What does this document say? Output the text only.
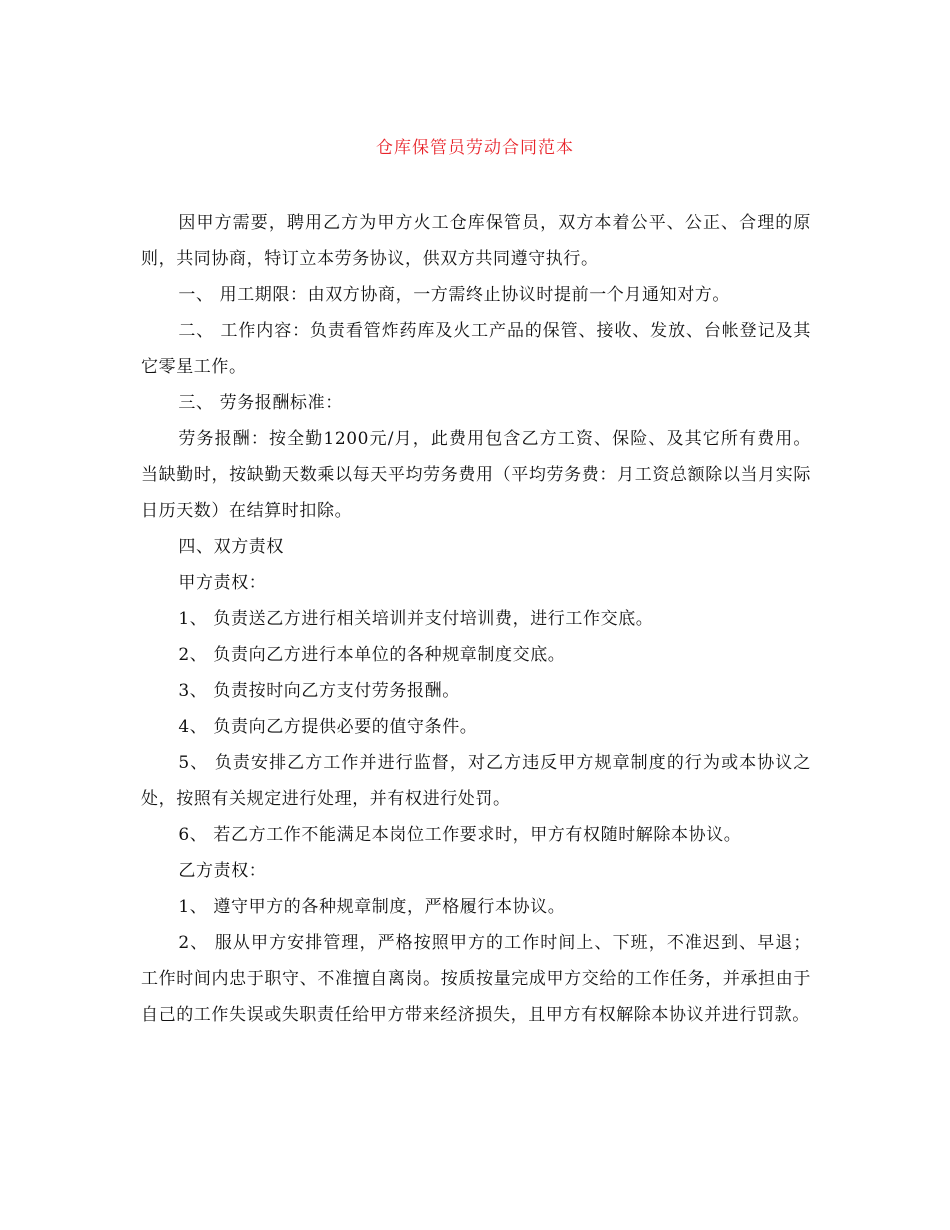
仓库保管员劳动合同范本

因甲方需要，聘用乙方为甲方火工仓库保管员，双方本着公平、公正、合理的原则，共同协商，特订立本劳务协议，供双方共同遵守执行。

一、 用工期限：由双方协商，一方需终止协议时提前一个月通知对方。

二、 工作内容：负责看管炸药库及火工产品的保管、接收、发放、台帐登记及其它零星工作。

三、 劳务报酬标准：

劳务报酬：按全勤1200元/月，此费用包含乙方工资、保险、及其它所有费用。当缺勤时，按缺勤天数乘以每天平均劳务费用（平均劳务费：月工资总额除以当月实际日历天数）在结算时扣除。

四、双方责权

甲方责权：

1、 负责送乙方进行相关培训并支付培训费，进行工作交底。

2、 负责向乙方进行本单位的各种规章制度交底。

3、 负责按时向乙方支付劳务报酬。

4、 负责向乙方提供必要的值守条件。

5、 负责安排乙方工作并进行监督，对乙方违反甲方规章制度的行为或本协议之处，按照有关规定进行处理，并有权进行处罚。

6、 若乙方工作不能满足本岗位工作要求时，甲方有权随时解除本协议。

乙方责权：

1、 遵守甲方的各种规章制度，严格履行本协议。

2、 服从甲方安排管理，严格按照甲方的工作时间上、下班，不准迟到、早退；工作时间内忠于职守、不准擅自离岗。按质按量完成甲方交给的工作任务，并承担由于自己的工作失误或失职责任给甲方带来经济损失，且甲方有权解除本协议并进行罚款。
